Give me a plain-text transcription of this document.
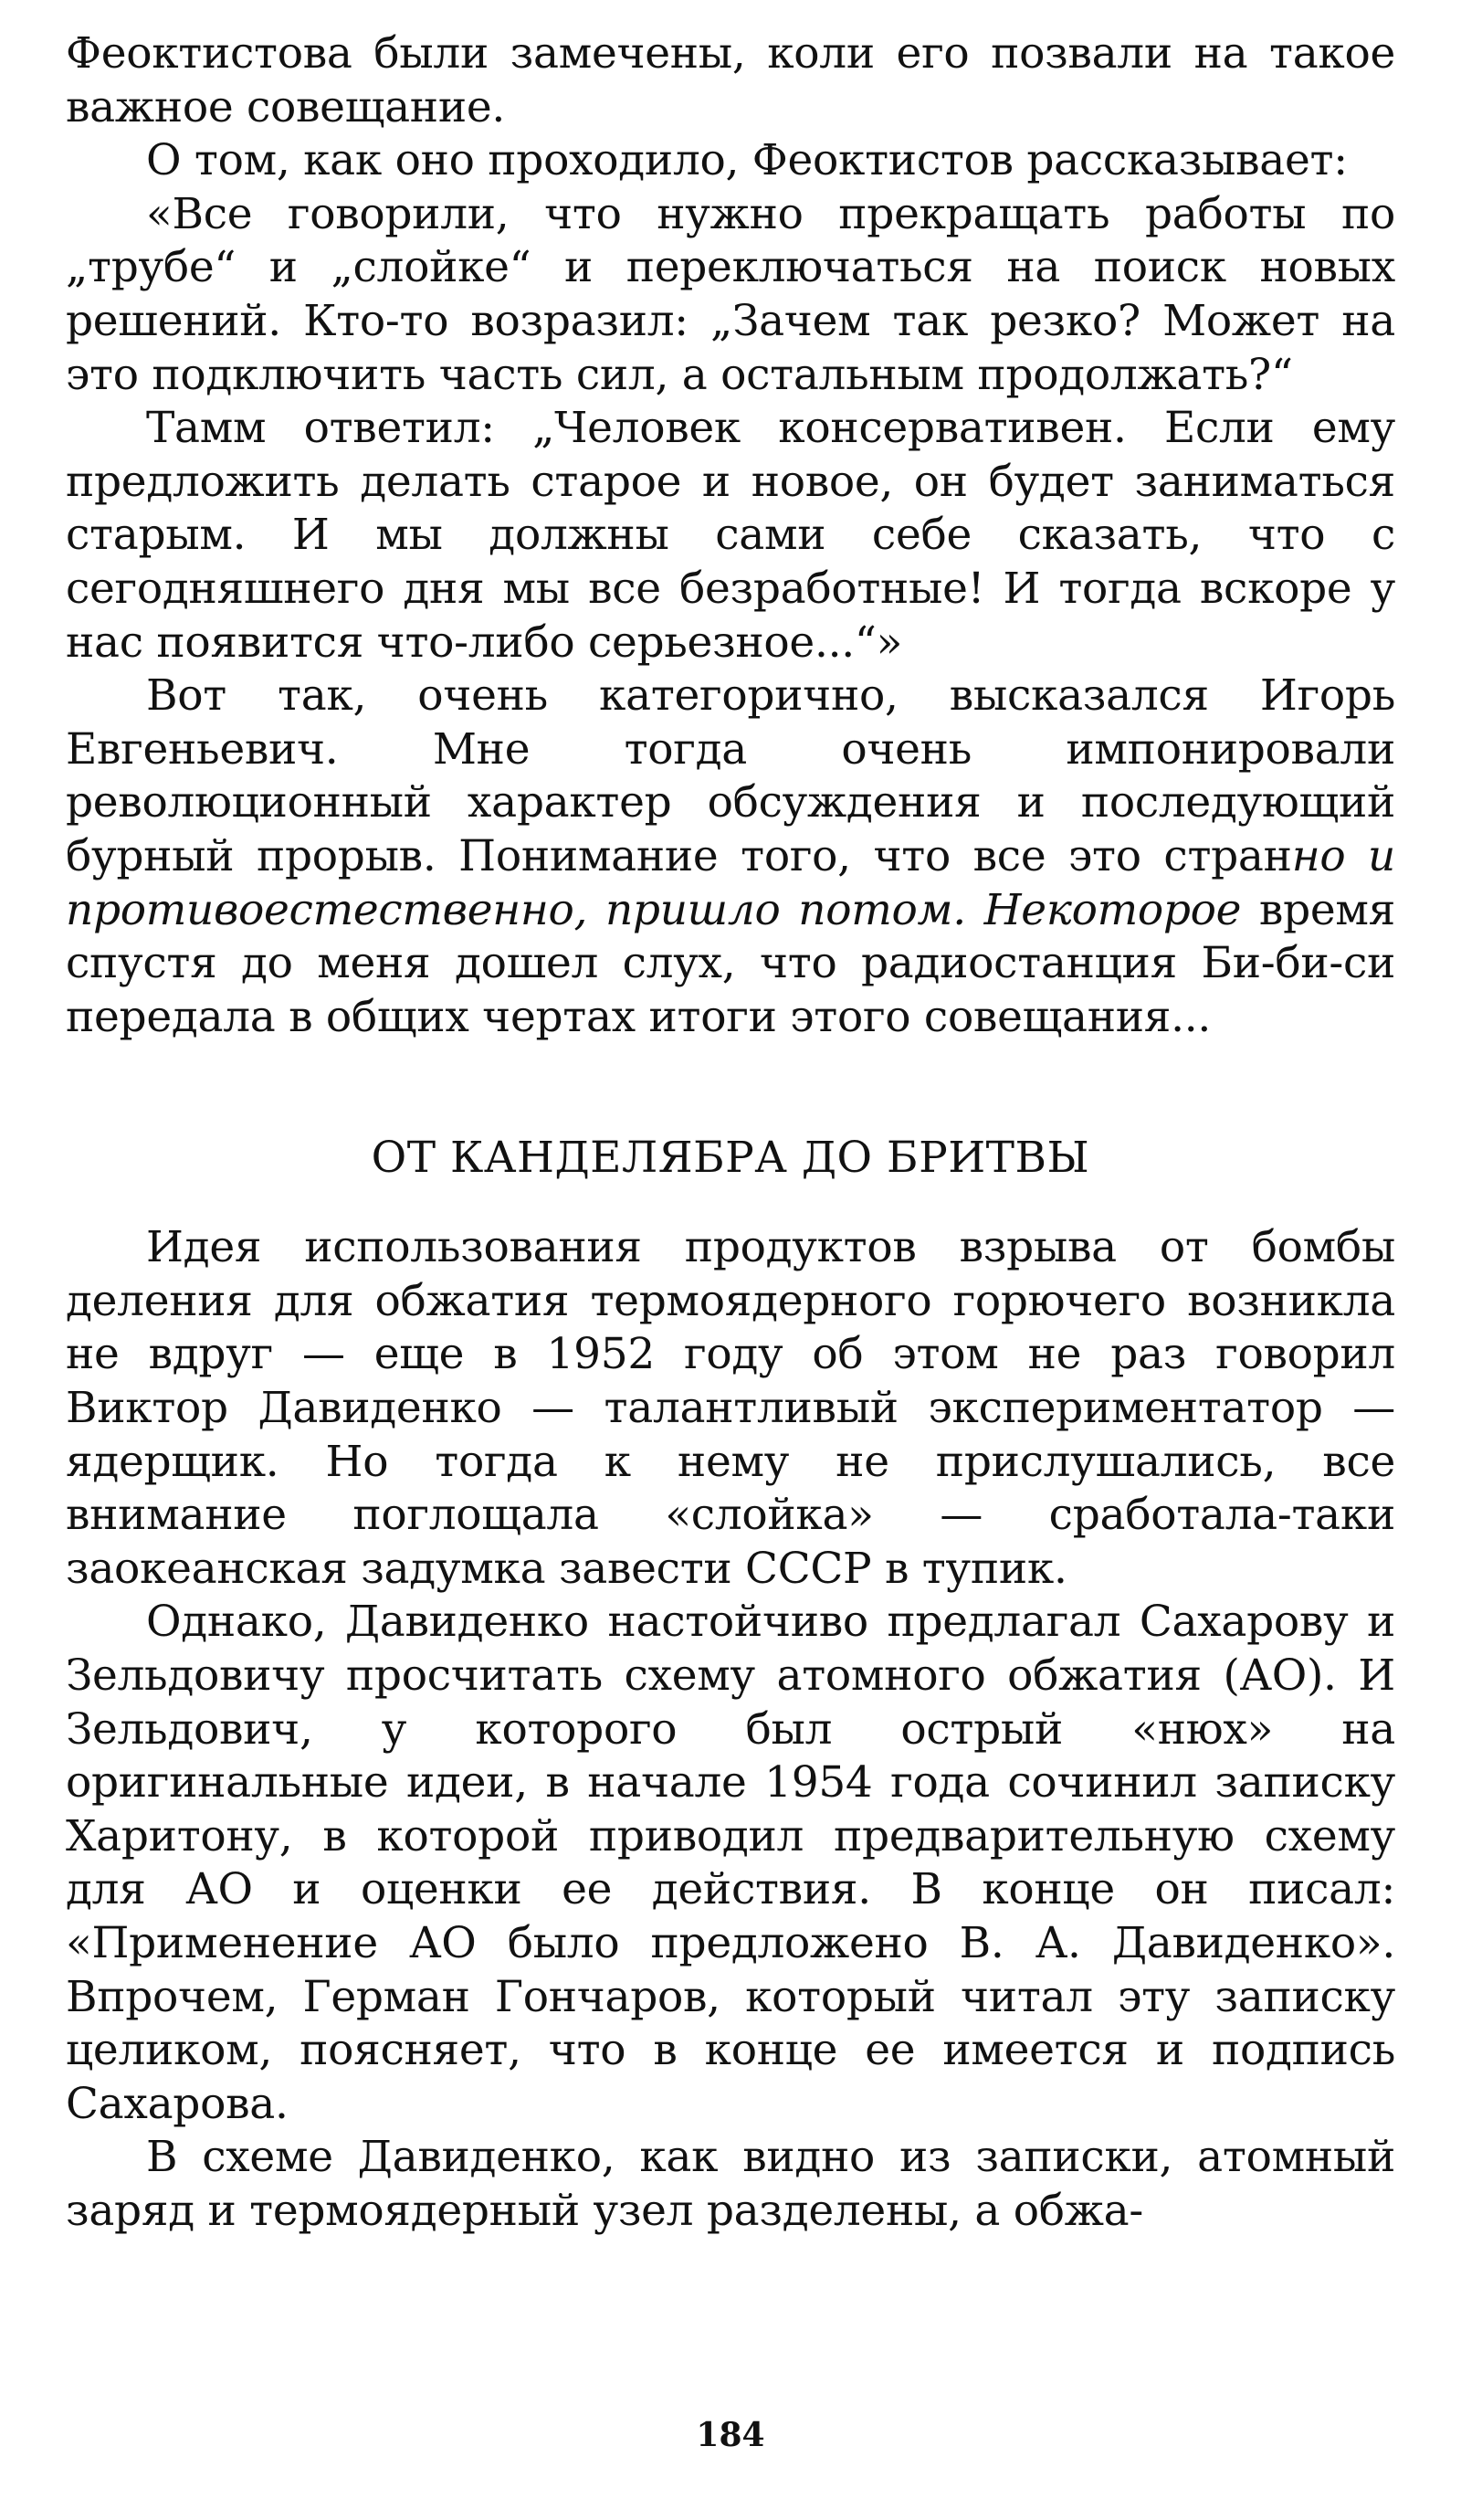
Феоктистова были замечены, коли его позвали на такое важное совещание.

О том, как оно проходило, Феоктистов рассказывает:

«Все говорили, что нужно прекращать работы по „трубе“ и „слойке“ и переключаться на поиск новых решений. Кто-то возразил: „Зачем так резко? Может на это подключить часть сил, а остальным продолжать?“

Тамм ответил: „Человек консервативен. Если ему предложить делать старое и новое, он будет заниматься старым. И мы должны сами себе сказать, что с сегодняшнего дня мы все безработные! И тогда вскоре у нас появится что-либо серьезное...“»

Вот так, очень категорично, высказался Игорь Евгеньевич. Мне тогда очень импонировали революционный характер обсуждения и последующий бурный прорыв. Понимание того, что все это странно и противоестественно, пришло потом. Некоторое время спустя до меня дошел слух, что радиостанция Би-би-си передала в общих чертах итоги этого совещания...

ОТ КАНДЕЛЯБРА ДО БРИТВЫ

Идея использования продуктов взрыва от бомбы деления для обжатия термоядерного горючего возникла не вдруг — еще в 1952 году об этом не раз говорил Виктор Давиденко — талантливый экспериментатор — ядерщик. Но тогда к нему не прислушались, все внимание поглощала «слойка» — сработала-таки заокеанская задумка завести СССР в тупик.

Однако, Давиденко настойчиво предлагал Сахарову и Зельдовичу просчитать схему атомного обжатия (АО). И Зельдович, у которого был острый «нюх» на оригинальные идеи, в начале 1954 года сочинил записку Харитону, в которой приводил предварительную схему для АО и оценки ее действия. В конце он писал: «Применение АО было предложено В. А. Давиденко». Впрочем, Герман Гончаров, который читал эту записку целиком, поясняет, что в конце ее имеется и подпись Сахарова.

В схеме Давиденко, как видно из записки, атомный заряд и термоядерный узел разделены, а обжа-

184
